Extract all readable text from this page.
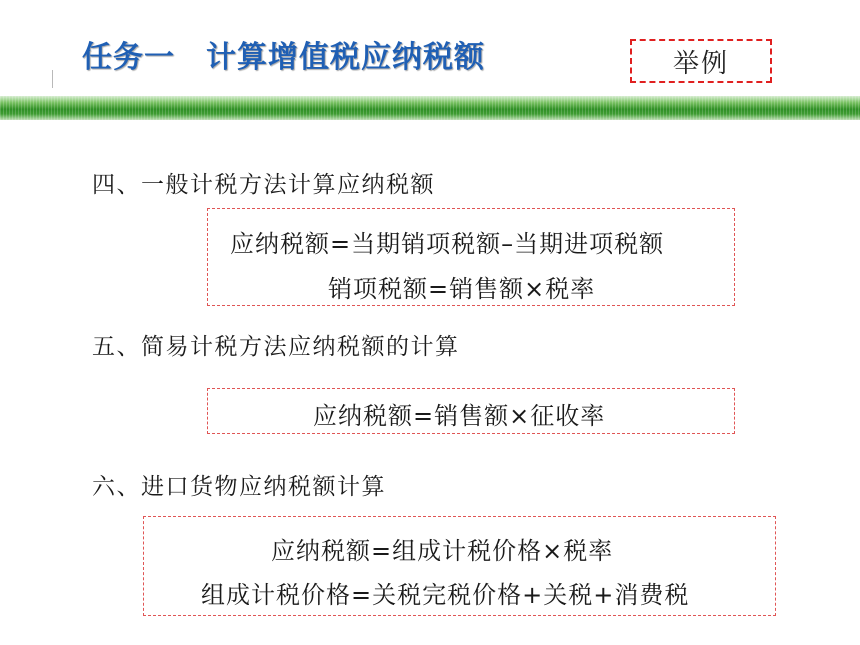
任务一　计算增值税应纳税额	举例
四、一般计税方法计算应纳税额
应纳税额=当期销项税额–当期进项税额
销项税额=销售额×税率
五、简易计税方法应纳税额的计算
应纳税额=销售额×征收率
六、进口货物应纳税额计算
应纳税额=组成计税价格×税率
组成计税价格=关税完税价格+关税+消费税
